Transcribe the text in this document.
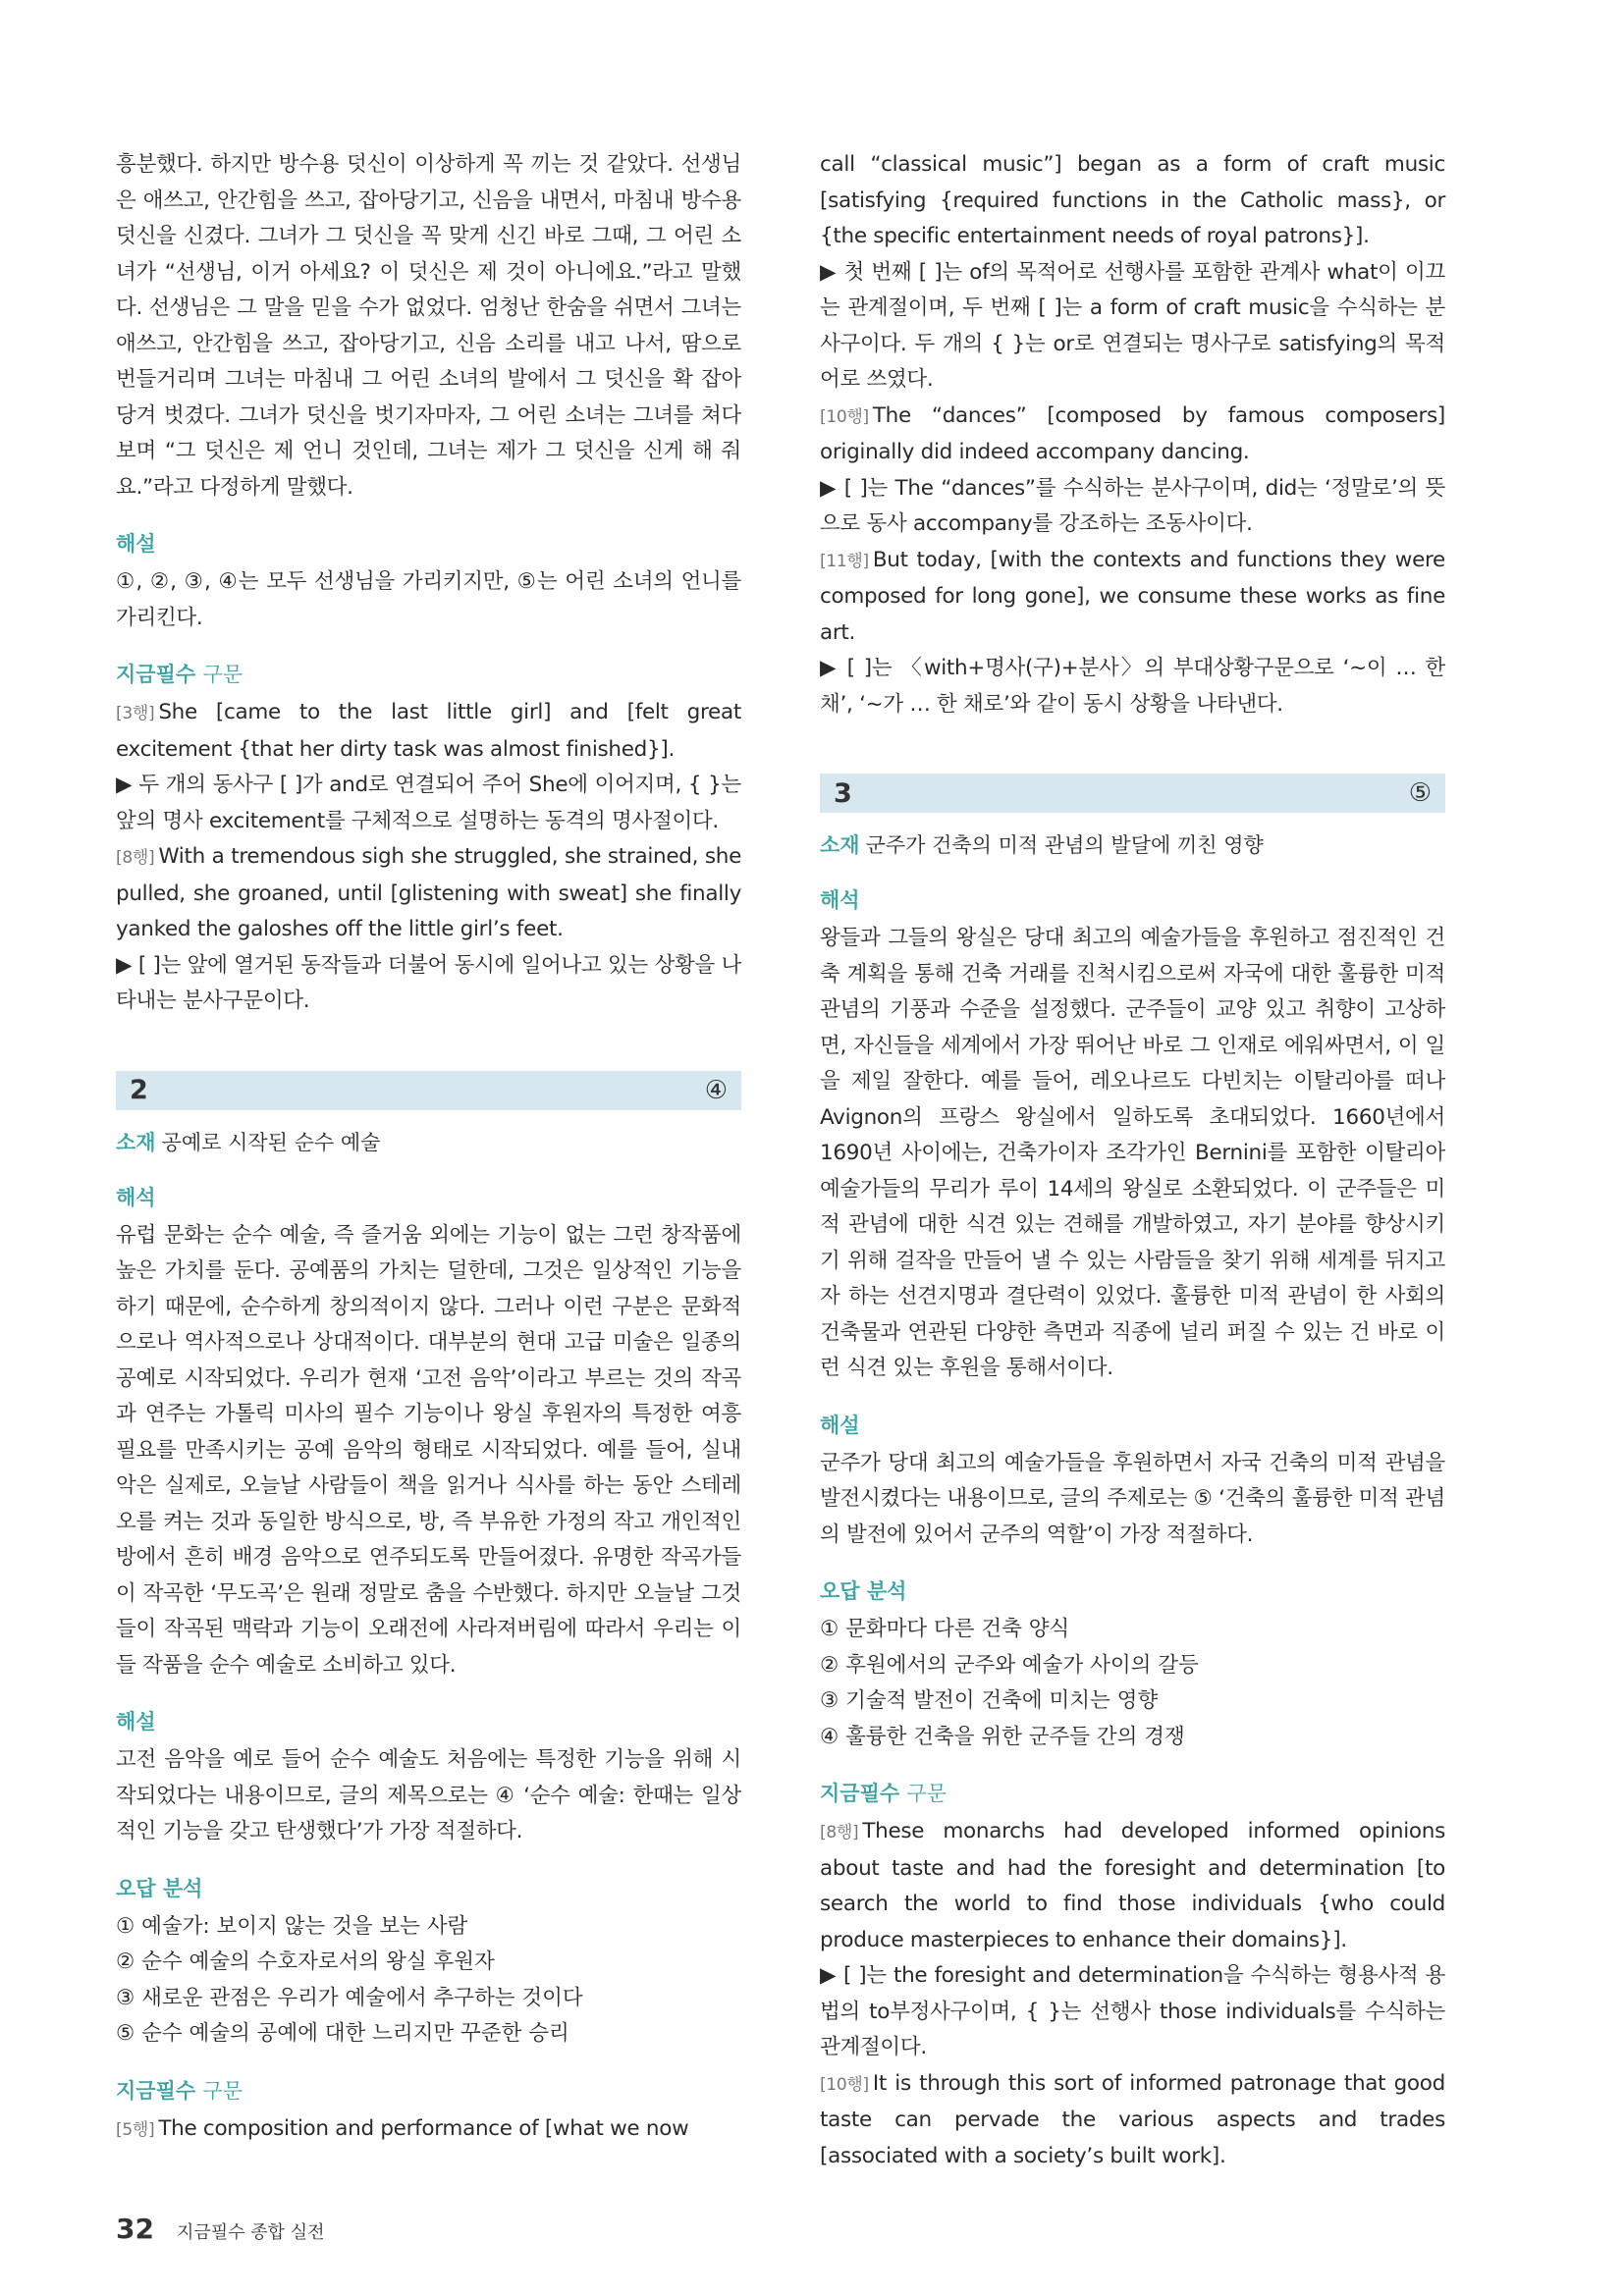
흥분했다. 하지만 방수용 덧신이 이상하게 꼭 끼는 것 같았다. 선생님은 애쓰고, 안간힘을 쓰고, 잡아당기고, 신음을 내면서, 마침내 방수용 덧신을 신겼다. 그녀가 그 덧신을 꼭 맞게 신긴 바로 그때, 그 어린 소녀가 “선생님, 이거 아세요? 이 덧신은 제 것이 아니에요.”라고 말했다. 선생님은 그 말을 믿을 수가 없었다. 엄청난 한숨을 쉬면서 그녀는 애쓰고, 안간힘을 쓰고, 잡아당기고, 신음 소리를 내고 나서, 땀으로 번들거리며 그녀는 마침내 그 어린 소녀의 발에서 그 덧신을 확 잡아당겨 벗겼다. 그녀가 덧신을 벗기자마자, 그 어린 소녀는 그녀를 쳐다보며 “그 덧신은 제 언니 것인데, 그녀는 제가 그 덧신을 신게 해 줘요.”라고 다정하게 말했다.

해설

①, ②, ③, ④는 모두 선생님을 가리키지만, ⑤는 어린 소녀의 언니를 가리킨다.

지금필수 구문

[3행] She [came to the last little girl] and [felt great excitement {that her dirty task was almost finished}].

▶ 두 개의 동사구 [ ]가 and로 연결되어 주어 She에 이어지며, { }는 앞의 명사 excitement를 구체적으로 설명하는 동격의 명사절이다.

[8행] With a tremendous sigh she struggled, she strained, she pulled, she groaned, until [glistening with sweat] she finally yanked the galoshes off the little girl’s feet.

▶ [ ]는 앞에 열거된 동작들과 더불어 동시에 일어나고 있는 상황을 나타내는 분사구문이다.

2	④

소재 공예로 시작된 순수 예술

해석

유럽 문화는 순수 예술, 즉 즐거움 외에는 기능이 없는 그런 창작품에 높은 가치를 둔다. 공예품의 가치는 덜한데, 그것은 일상적인 기능을 하기 때문에, 순수하게 창의적이지 않다. 그러나 이런 구분은 문화적으로나 역사적으로나 상대적이다. 대부분의 현대 고급 미술은 일종의 공예로 시작되었다. 우리가 현재 ‘고전 음악’이라고 부르는 것의 작곡과 연주는 가톨릭 미사의 필수 기능이나 왕실 후원자의 특정한 여흥 필요를 만족시키는 공예 음악의 형태로 시작되었다. 예를 들어, 실내악은 실제로, 오늘날 사람들이 책을 읽거나 식사를 하는 동안 스테레오를 켜는 것과 동일한 방식으로, 방, 즉 부유한 가정의 작고 개인적인 방에서 흔히 배경 음악으로 연주되도록 만들어졌다. 유명한 작곡가들이 작곡한 ‘무도곡’은 원래 정말로 춤을 수반했다. 하지만 오늘날 그것들이 작곡된 맥락과 기능이 오래전에 사라져버림에 따라서 우리는 이들 작품을 순수 예술로 소비하고 있다.

해설

고전 음악을 예로 들어 순수 예술도 처음에는 특정한 기능을 위해 시작되었다는 내용이므로, 글의 제목으로는 ④ ‘순수 예술: 한때는 일상적인 기능을 갖고 탄생했다’가 가장 적절하다.

오답 분석
① 예술가: 보이지 않는 것을 보는 사람
② 순수 예술의 수호자로서의 왕실 후원자
③ 새로운 관점은 우리가 예술에서 추구하는 것이다
⑤ 순수 예술의 공예에 대한 느리지만 꾸준한 승리
지금필수 구문

[5행] The composition and performance of [what we now

call “classical music”] began as a form of craft music [satisfying {required functions in the Catholic mass}, or {the specific entertainment needs of royal patrons}].

▶ 첫 번째 [ ]는 of의 목적어로 선행사를 포함한 관계사 what이 이끄는 관계절이며, 두 번째 [ ]는 a form of craft music을 수식하는 분사구이다. 두 개의 { }는 or로 연결되는 명사구로 satisfying의 목적어로 쓰였다.

[10행] The “dances” [composed by famous composers] originally did indeed accompany dancing.

▶ [ ]는 The “dances”를 수식하는 분사구이며, did는 ‘정말로’의 뜻으로 동사 accompany를 강조하는 조동사이다.

[11행] But today, [with the contexts and functions they were composed for long gone], we consume these works as fine art.

▶ [ ]는 〈with+명사(구)+분사〉의 부대상황구문으로 ‘~이 … 한 채’, ‘~가 … 한 채로’와 같이 동시 상황을 나타낸다.

3	⑤

소재 군주가 건축의 미적 관념의 발달에 끼친 영향

해석

왕들과 그들의 왕실은 당대 최고의 예술가들을 후원하고 점진적인 건축 계획을 통해 건축 거래를 진척시킴으로써 자국에 대한 훌륭한 미적 관념의 기풍과 수준을 설정했다. 군주들이 교양 있고 취향이 고상하면, 자신들을 세계에서 가장 뛰어난 바로 그 인재로 에워싸면서, 이 일을 제일 잘한다. 예를 들어, 레오나르도 다빈치는 이탈리아를 떠나 Avignon의 프랑스 왕실에서 일하도록 초대되었다. 1660년에서 1690년 사이에는, 건축가이자 조각가인 Bernini를 포함한 이탈리아 예술가들의 무리가 루이 14세의 왕실로 소환되었다. 이 군주들은 미적 관념에 대한 식견 있는 견해를 개발하였고, 자기 분야를 향상시키기 위해 걸작을 만들어 낼 수 있는 사람들을 찾기 위해 세계를 뒤지고자 하는 선견지명과 결단력이 있었다. 훌륭한 미적 관념이 한 사회의 건축물과 연관된 다양한 측면과 직종에 널리 퍼질 수 있는 건 바로 이런 식견 있는 후원을 통해서이다.

해설

군주가 당대 최고의 예술가들을 후원하면서 자국 건축의 미적 관념을 발전시켰다는 내용이므로, 글의 주제로는 ⑤ ‘건축의 훌륭한 미적 관념의 발전에 있어서 군주의 역할’이 가장 적절하다.

오답 분석
① 문화마다 다른 건축 양식
② 후원에서의 군주와 예술가 사이의 갈등
③ 기술적 발전이 건축에 미치는 영향
④ 훌륭한 건축을 위한 군주들 간의 경쟁
지금필수 구문

[8행] These monarchs had developed informed opinions about taste and had the foresight and determination [to search the world to find those individuals {who could produce masterpieces to enhance their domains}].

▶ [ ]는 the foresight and determination을 수식하는 형용사적 용법의 to부정사구이며, { }는 선행사 those individuals를 수식하는 관계절이다.

[10행] It is through this sort of informed patronage that good taste can pervade the various aspects and trades [associated with a society’s built work].

32 지금필수 종합 실전
